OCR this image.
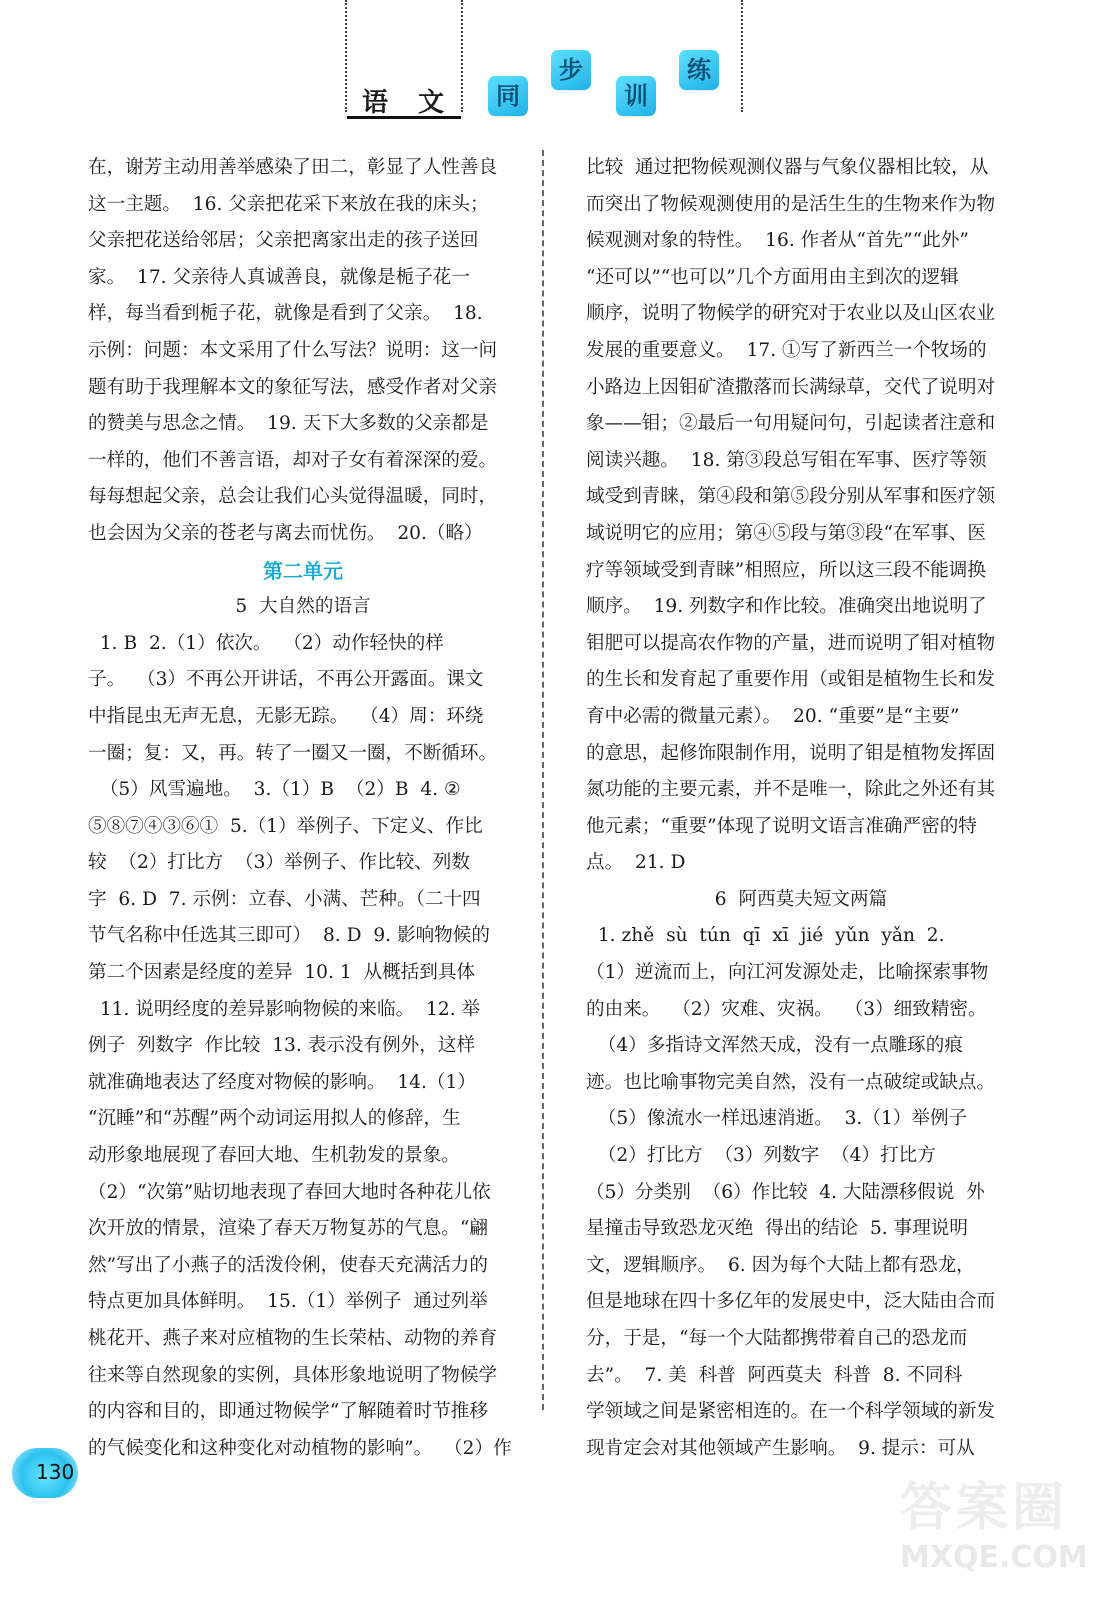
语 文	同
步
训
练

在，谢芳主动用善举感染了田二，彰显了人性善良

这一主题。  16. 父亲把花采下来放在我的床头；

父亲把花送给邻居；父亲把离家出走的孩子送回

家。  17. 父亲待人真诚善良，就像是栀子花一

样，每当看到栀子花，就像是看到了父亲。  18.

示例：问题：本文采用了什么写法？说明：这一问

题有助于我理解本文的象征写法，感受作者对父亲

的赞美与思念之情。  19. 天下大多数的父亲都是

一样的，他们不善言语，却对子女有着深深的爱。

每每想起父亲，总会让我们心头觉得温暖，同时，

也会因为父亲的苍老与离去而忧伤。  20.（略）

第二单元

5  大自然的语言

1. B  2.（1）依次。  （2）动作轻快的样

子。  （3）不再公开讲话，不再公开露面。课文

中指昆虫无声无息，无影无踪。  （4）周：环绕

一圈；复：又，再。转了一圈又一圈，不断循环。

（5）风雪遍地。  3.（1）B  （2）B  4. ②

⑤⑧⑦④③⑥①  5.（1）举例子、下定义、作比

较  （2）打比方  （3）举例子、作比较、列数

字  6. D  7. 示例：立春、小满、芒种。（二十四

节气名称中任选其三即可）  8. D  9. 影响物候的

第二个因素是经度的差异  10. 1  从概括到具体

11. 说明经度的差异影响物候的来临。  12. 举

例子  列数字  作比较  13. 表示没有例外，这样

就准确地表达了经度对物候的影响。  14.（1）

“沉睡”和“苏醒”两个动词运用拟人的修辞，生

动形象地展现了春回大地、生机勃发的景象。

（2）“次第”贴切地表现了春回大地时各种花儿依

次开放的情景，渲染了春天万物复苏的气息。“翩

然”写出了小燕子的活泼伶俐，使春天充满活力的

特点更加具体鲜明。  15.（1）举例子  通过列举

桃花开、燕子来对应植物的生长荣枯、动物的养育

往来等自然现象的实例，具体形象地说明了物候学

的内容和目的，即通过物候学“了解随着时节推移

的气候变化和这种变化对动植物的影响”。  （2）作

比较  通过把物候观测仪器与气象仪器相比较，从

而突出了物候观测使用的是活生生的生物来作为物

候观测对象的特性。  16. 作者从“首先”“此外”

“还可以”“也可以”几个方面用由主到次的逻辑

顺序，说明了物候学的研究对于农业以及山区农业

发展的重要意义。  17. ①写了新西兰一个牧场的

小路边上因钼矿渣撒落而长满绿草，交代了说明对

象——钼；②最后一句用疑问句，引起读者注意和

阅读兴趣。  18. 第③段总写钼在军事、医疗等领

域受到青睐，第④段和第⑤段分别从军事和医疗领

域说明它的应用；第④⑤段与第③段“在军事、医

疗等领域受到青睐”相照应，所以这三段不能调换

顺序。  19. 列数字和作比较。准确突出地说明了

钼肥可以提高农作物的产量，进而说明了钼对植物

的生长和发育起了重要作用（或钼是植物生长和发

育中必需的微量元素）。  20. “重要”是“主要”

的意思，起修饰限制作用，说明了钼是植物发挥固

氮功能的主要元素，并不是唯一，除此之外还有其

他元素；“重要”体现了说明文语言准确严密的特

点。  21. D

6  阿西莫夫短文两篇

1. zhě  sù  tún  qī  xī  jié  yǔn  yǎn  2.

（1）逆流而上，向江河发源处走，比喻探索事物

的由来。  （2）灾难、灾祸。  （3）细致精密。

（4）多指诗文浑然天成，没有一点雕琢的痕

迹。也比喻事物完美自然，没有一点破绽或缺点。

（5）像流水一样迅速消逝。  3.（1）举例子

（2）打比方  （3）列数字  （4）打比方

（5）分类别  （6）作比较  4. 大陆漂移假说  外

星撞击导致恐龙灭绝  得出的结论  5. 事理说明

文，逻辑顺序。  6. 因为每个大陆上都有恐龙，

但是地球在四十多亿年的发展史中，泛大陆由合而

分，于是，“每一个大陆都携带着自己的恐龙而

去”。  7. 美  科普  阿西莫夫  科普  8. 不同科

学领域之间是紧密相连的。在一个科学领域的新发

现肯定会对其他领域产生影响。  9. 提示：可从

130
答案圈
MXQE.COM
